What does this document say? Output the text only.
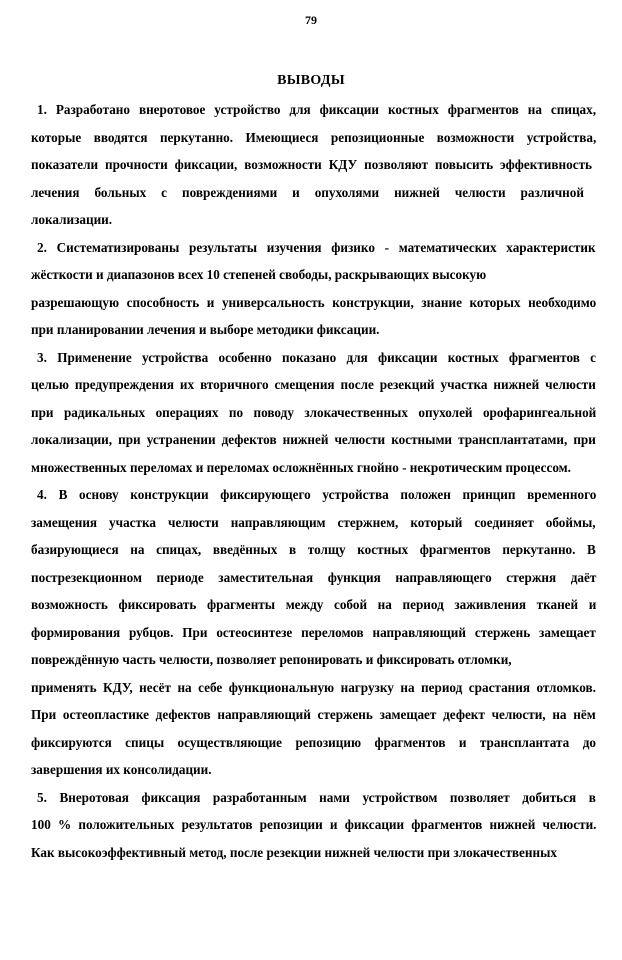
79
ВЫВОДЫ

1. Разработано внеротовое устройство для фиксации костных фрагментов на спицах,
которые вводятся перкутанно. Имеющиеся репозиционные возможности устройства,
показатели прочности фиксации, возможности КДУ позволяют повысить эффективность
лечения больных с повреждениями и опухолями нижней челюсти различной
локализации.

2. Систематизированы результаты изучения физико - математических характеристик
жёсткости и диапазонов всех 10 степеней свободы, раскрывающих высокую
разрешающую способность и универсальность конструкции, знание которых необходимо
при планировании лечения и выборе методики фиксации.

3. Применение устройства особенно показано для фиксации костных фрагментов с
целью предупреждения их вторичного смещения после резекций участка нижней челюсти
при радикальных операциях по поводу злокачественных опухолей орофарингеальной
локализации, при устранении дефектов нижней челюсти костными трансплантатами, при
множественных переломах и переломах осложнённых гнойно - некротическим процессом.

4. В основу конструкции фиксирующего устройства положен принцип временного
замещения участка челюсти направляющим стержнем, который соединяет обоймы,
базирующиеся на спицах, введённых в толщу костных фрагментов перкутанно. В
пострезекционном периоде заместительная функция направляющего стержня даёт
возможность фиксировать фрагменты между собой на период заживления тканей и
формирования рубцов. При остеосинтезе переломов направляющий стержень замещает
повреждённую часть челюсти, позволяет репонировать и фиксировать отломки,
применять КДУ, несёт на себе функциональную нагрузку на период срастания отломков.
При остеопластике дефектов направляющий стержень замещает дефект челюсти, на нём
фиксируются спицы осуществляющие репозицию фрагментов и трансплантата до
завершения их консолидации.

5. Внеротовая фиксация разработанным нами устройством позволяет добиться в
100 % положительных результатов репозиции и фиксации фрагментов нижней челюсти.
Как высокоэффективный метод, после резекции нижней челюсти при злокачественных
